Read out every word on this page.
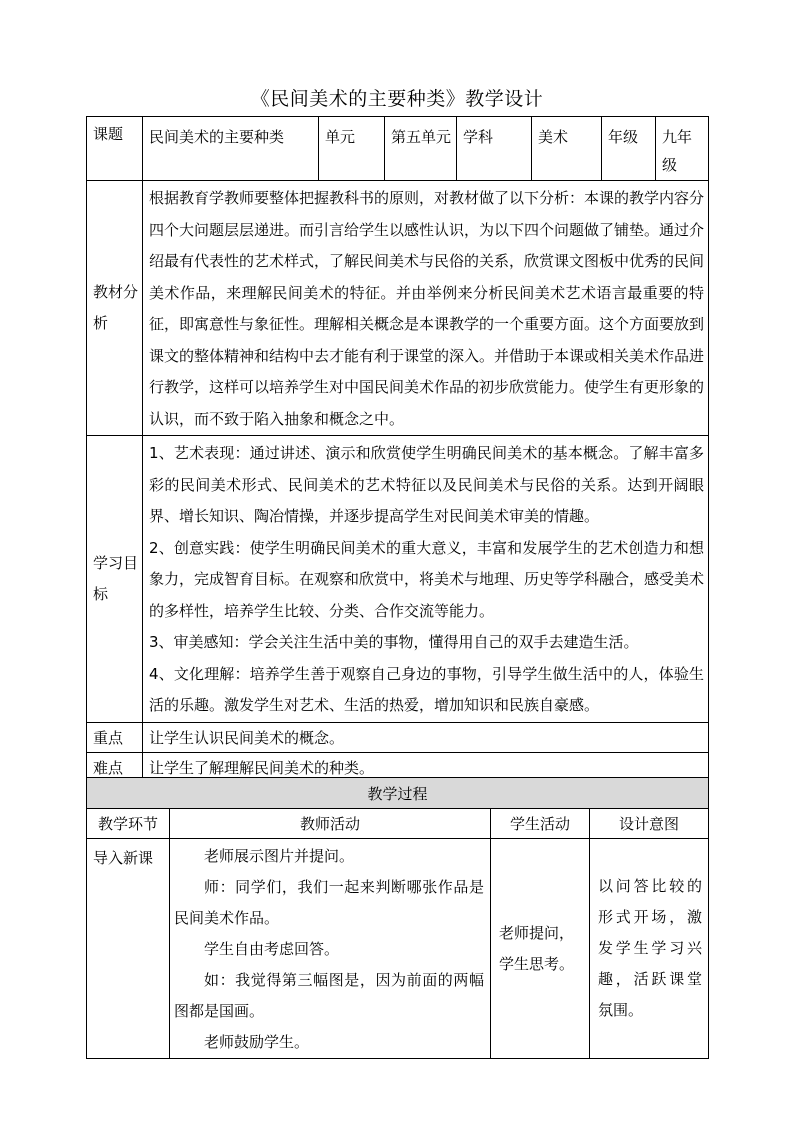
《民间美术的主要种类》教学设计
课题	民间美术的主要种类	单元	第五单元	学科	美术	年级	九年级
教材分析	根据教育学教师要整体把握教科书的原则，对教材做了以下分析：本课的教学内容分四个大问题层层递进。而引言给学生以感性认识，为以下四个问题做了铺垫。通过介绍最有代表性的艺术样式，了解民间美术与民俗的关系，欣赏课文图板中优秀的民间美术作品，来理解民间美术的特征。并由举例来分析民间美术艺术语言最重要的特征，即寓意性与象征性。理解相关概念是本课教学的一个重要方面。这个方面要放到课文的整体精神和结构中去才能有利于课堂的深入。并借助于本课或相关美术作品进行教学，这样可以培养学生对中国民间美术作品的初步欣赏能力。使学生有更形象的认识，而不致于陷入抽象和概念之中。						
学习目标	1、艺术表现：通过讲述、演示和欣赏使学生明确民间美术的基本概念。了解丰富多彩的民间美术形式、民间美术的艺术特征以及民间美术与民俗的关系。达到开阔眼界、增长知识、陶冶情操，并逐步提高学生对民间美术审美的情趣。

2、创意实践：使学生明确民间美术的重大意义，丰富和发展学生的艺术创造力和想象力，完成智育目标。在观察和欣赏中，将美术与地理、历史等学科融合，感受美术的多样性，培养学生比较、分类、合作交流等能力。

3、审美感知：学会关注生活中美的事物，懂得用自己的双手去建造生活。

4、文化理解：培养学生善于观察自己身边的事物，引导学生做生活中的人，体验生活的乐趣。激发学生对艺术、生活的热爱，增加知识和民族自豪感。						

重点	让学生认识民间美术的概念。						
难点	让学生了解理解民间美术的种类。						
教学过程			
教学环节	教师活动	学生活动	设计意图
导入新课	老师展示图片并提问。

师：同学们，我们一起来判断哪张作品是民间美术作品。

学生自由考虑回答。

如：我觉得第三幅图是，因为前面的两幅图都是国画。

老师鼓励学生。	老师提问，学生思考。	以问答比较的形式开场，激发学生学习兴趣，活跃课堂氛围。
